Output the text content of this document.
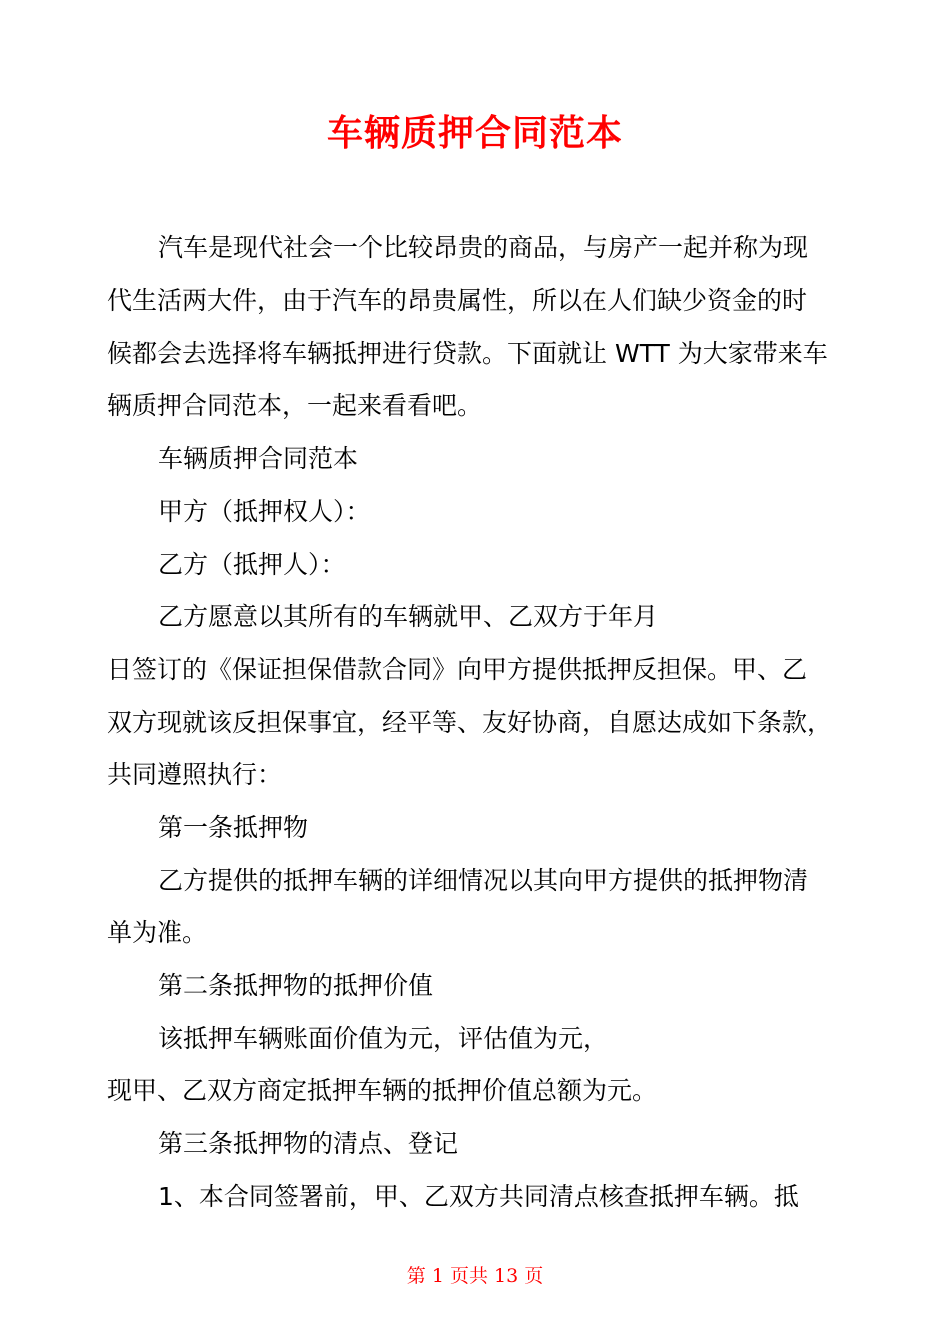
车辆质押合同范本

汽车是现代社会一个比较昂贵的商品，与房产一起并称为现

代生活两大件，由于汽车的昂贵属性，所以在人们缺少资金的时

候都会去选择将车辆抵押进行贷款。下面就让 WTT 为大家带来车

辆质押合同范本，一起来看看吧。

车辆质押合同范本

甲方（抵押权人）：

乙方（抵押人）：

乙方愿意以其所有的车辆就甲、乙双方于年月

日签订的《保证担保借款合同》向甲方提供抵押反担保。甲、乙

双方现就该反担保事宜，经平等、友好协商，自愿达成如下条款，

共同遵照执行：

第一条抵押物

乙方提供的抵押车辆的详细情况以其向甲方提供的抵押物清

单为准。

第二条抵押物的抵押价值

该抵押车辆账面价值为元，评估值为元，

现甲、乙双方商定抵押车辆的抵押价值总额为元。

第三条抵押物的清点、登记

1、本合同签署前，甲、乙双方共同清点核查抵押车辆。抵

第 1 页共 13 页
